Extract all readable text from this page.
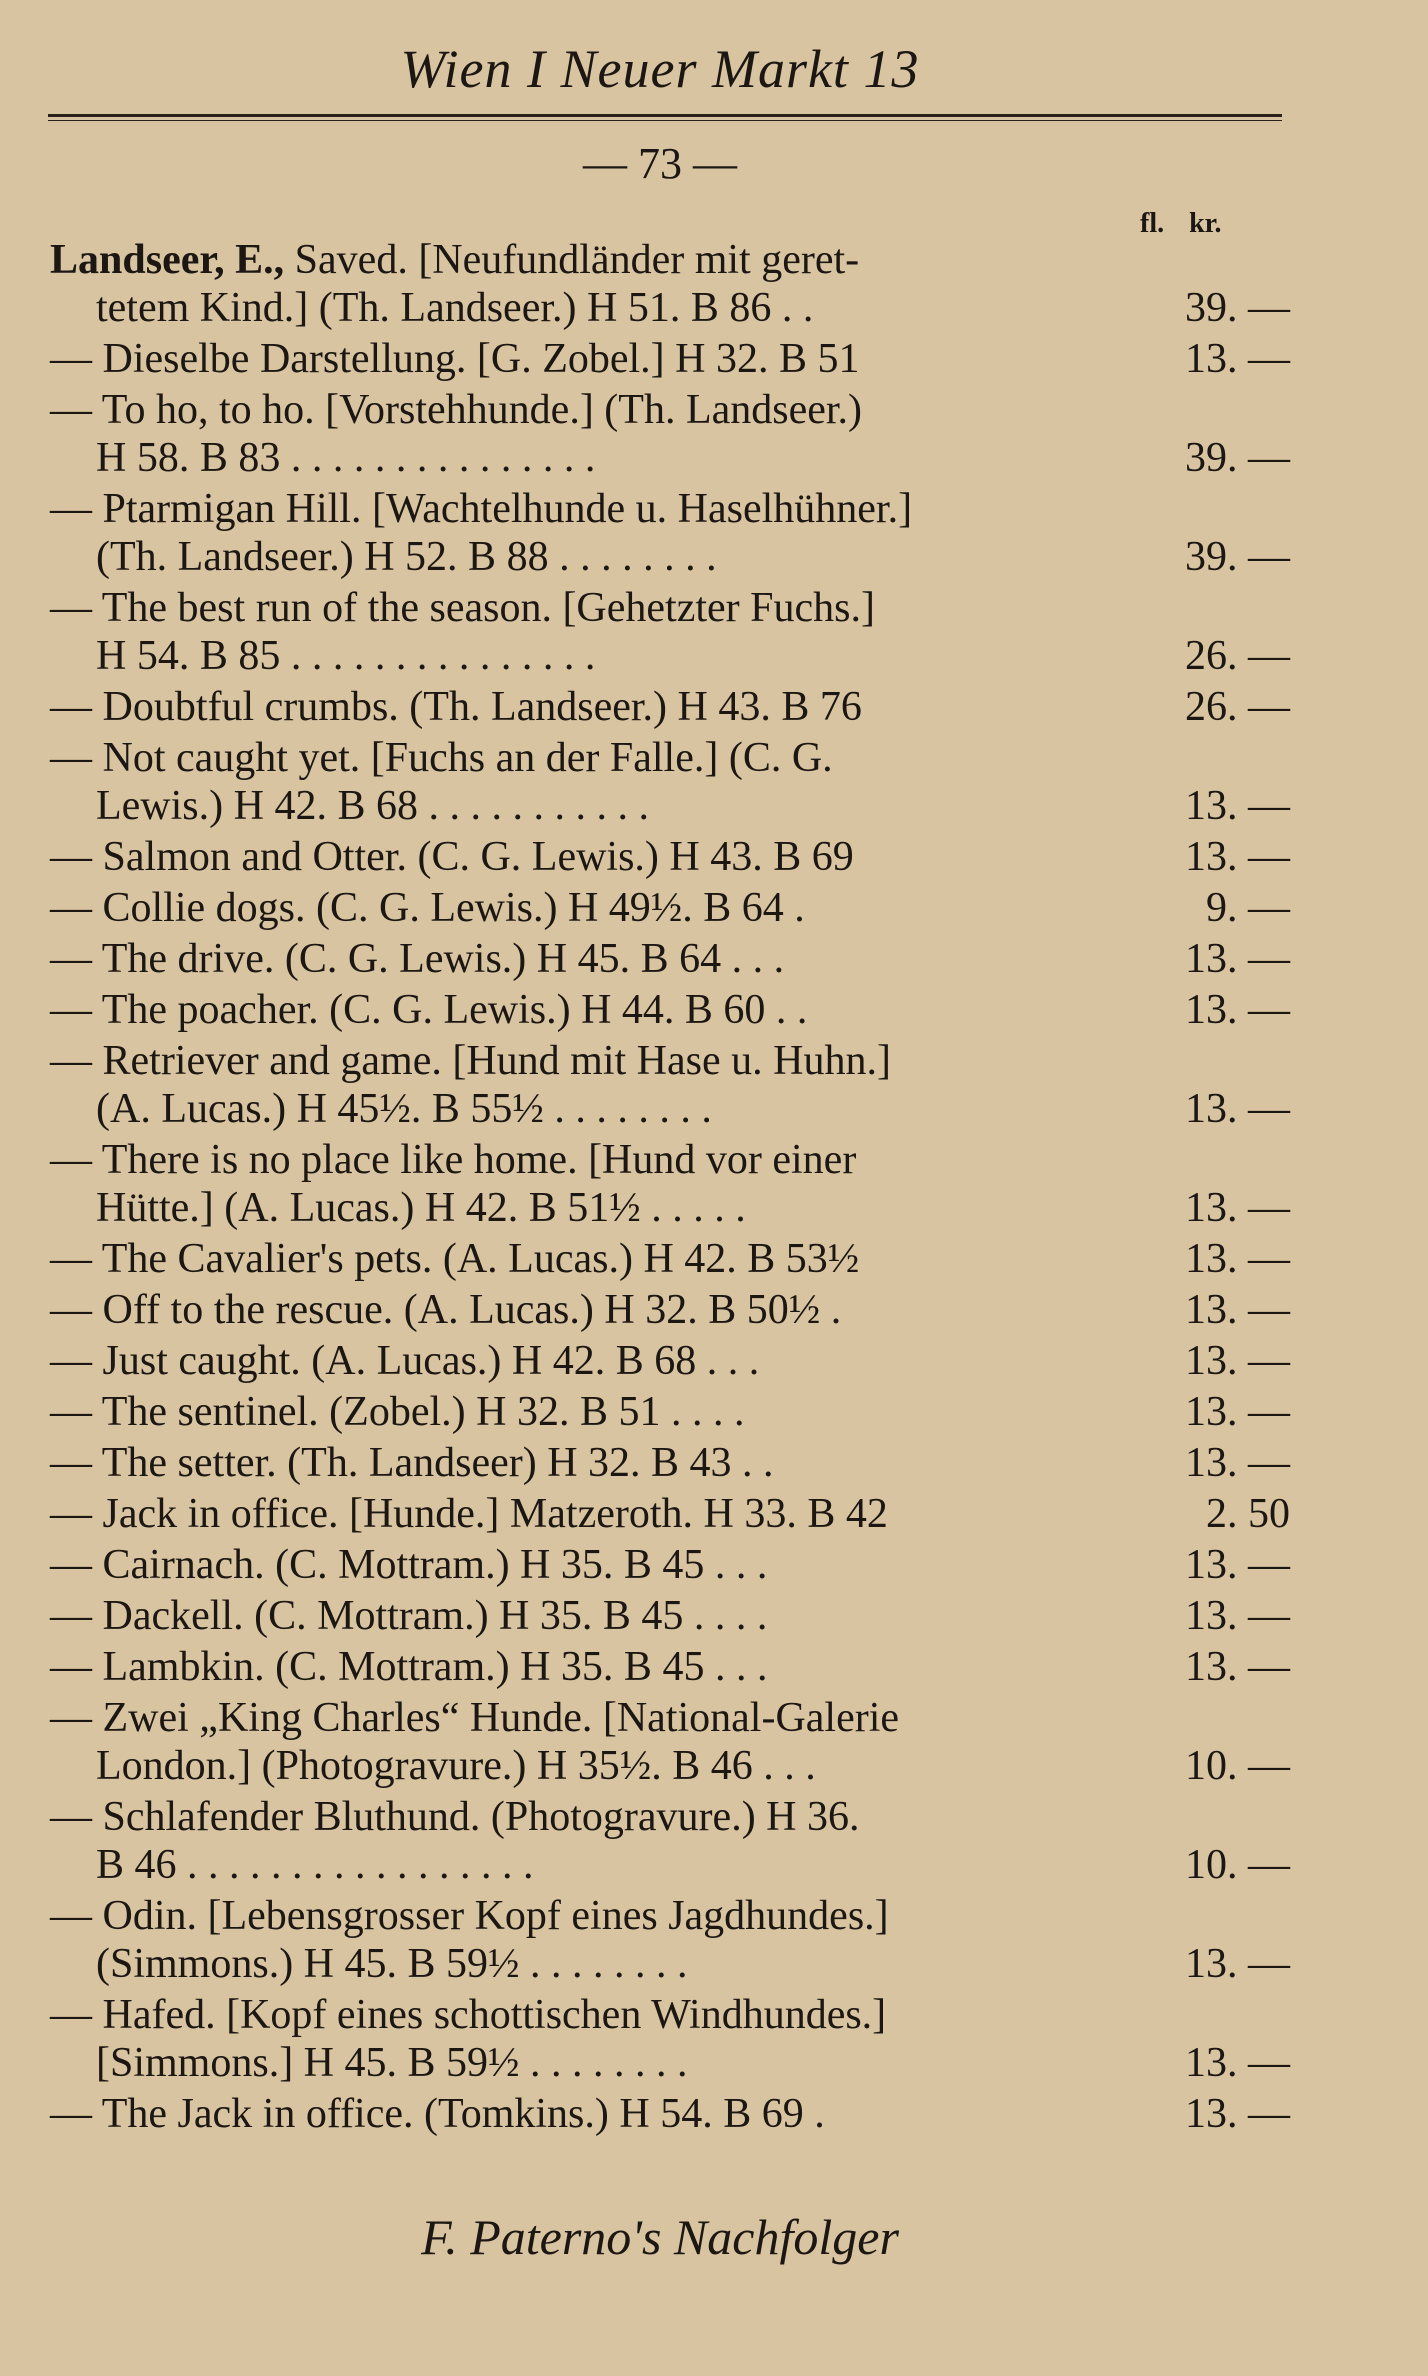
Wien I Neuer Markt 13
— 73 —
fl. kr.
Landseer, E., Saved. [Neufundländer mit geret-
tetem Kind.] (Th. Landseer.) H 51. B 86 . .	39. —
— Dieselbe Darstellung. [G. Zobel.] H 32. B 51	13. —
— To ho, to ho. [Vorstehhunde.] (Th. Landseer.)
H 58. B 83 . . . . . . . . . . . . . . .	39. —
— Ptarmigan Hill. [Wachtelhunde u. Haselhühner.]
(Th. Landseer.) H 52. B 88 . . . . . . . .	39. —
— The best run of the season. [Gehetzter Fuchs.]
H 54. B 85 . . . . . . . . . . . . . . .	26. —
— Doubtful crumbs. (Th. Landseer.) H 43. B 76	26. —
— Not caught yet. [Fuchs an der Falle.] (C. G.
Lewis.) H 42. B 68 . . . . . . . . . . .	13. —
— Salmon and Otter. (C. G. Lewis.) H 43. B 69	13. —
— Collie dogs. (C. G. Lewis.) H 49½. B 64 .	9. —
— The drive. (C. G. Lewis.) H 45. B 64 . . .	13. —
— The poacher. (C. G. Lewis.) H 44. B 60 . .	13. —
— Retriever and game. [Hund mit Hase u. Huhn.]
(A. Lucas.) H 45½. B 55½ . . . . . . . .	13. —
— There is no place like home. [Hund vor einer
Hütte.] (A. Lucas.) H 42. B 51½ . . . . .	13. —
— The Cavalier's pets. (A. Lucas.) H 42. B 53½	13. —
— Off to the rescue. (A. Lucas.) H 32. B 50½ .	13. —
— Just caught. (A. Lucas.) H 42. B 68 . . .	13. —
— The sentinel. (Zobel.) H 32. B 51 . . . .	13. —
— The setter. (Th. Landseer) H 32. B 43 . .	13. —
— Jack in office. [Hunde.] Matzeroth. H 33. B 42	2. 50
— Cairnach. (C. Mottram.) H 35. B 45 . . .	13. —
— Dackell. (C. Mottram.) H 35. B 45 . . . .	13. —
— Lambkin. (C. Mottram.) H 35. B 45 . . .	13. —
— Zwei „King Charles“ Hunde. [National-Galerie
London.] (Photogravure.) H 35½. B 46 . . .	10. —
— Schlafender Bluthund. (Photogravure.) H 36.
B 46 . . . . . . . . . . . . . . . . .	10. —
— Odin. [Lebensgrosser Kopf eines Jagdhundes.]
(Simmons.) H 45. B 59½ . . . . . . . .	13. —
— Hafed. [Kopf eines schottischen Windhundes.]
[Simmons.] H 45. B 59½ . . . . . . . .	13. —
— The Jack in office. (Tomkins.) H 54. B 69 .	13. —
F. Paterno's Nachfolger
